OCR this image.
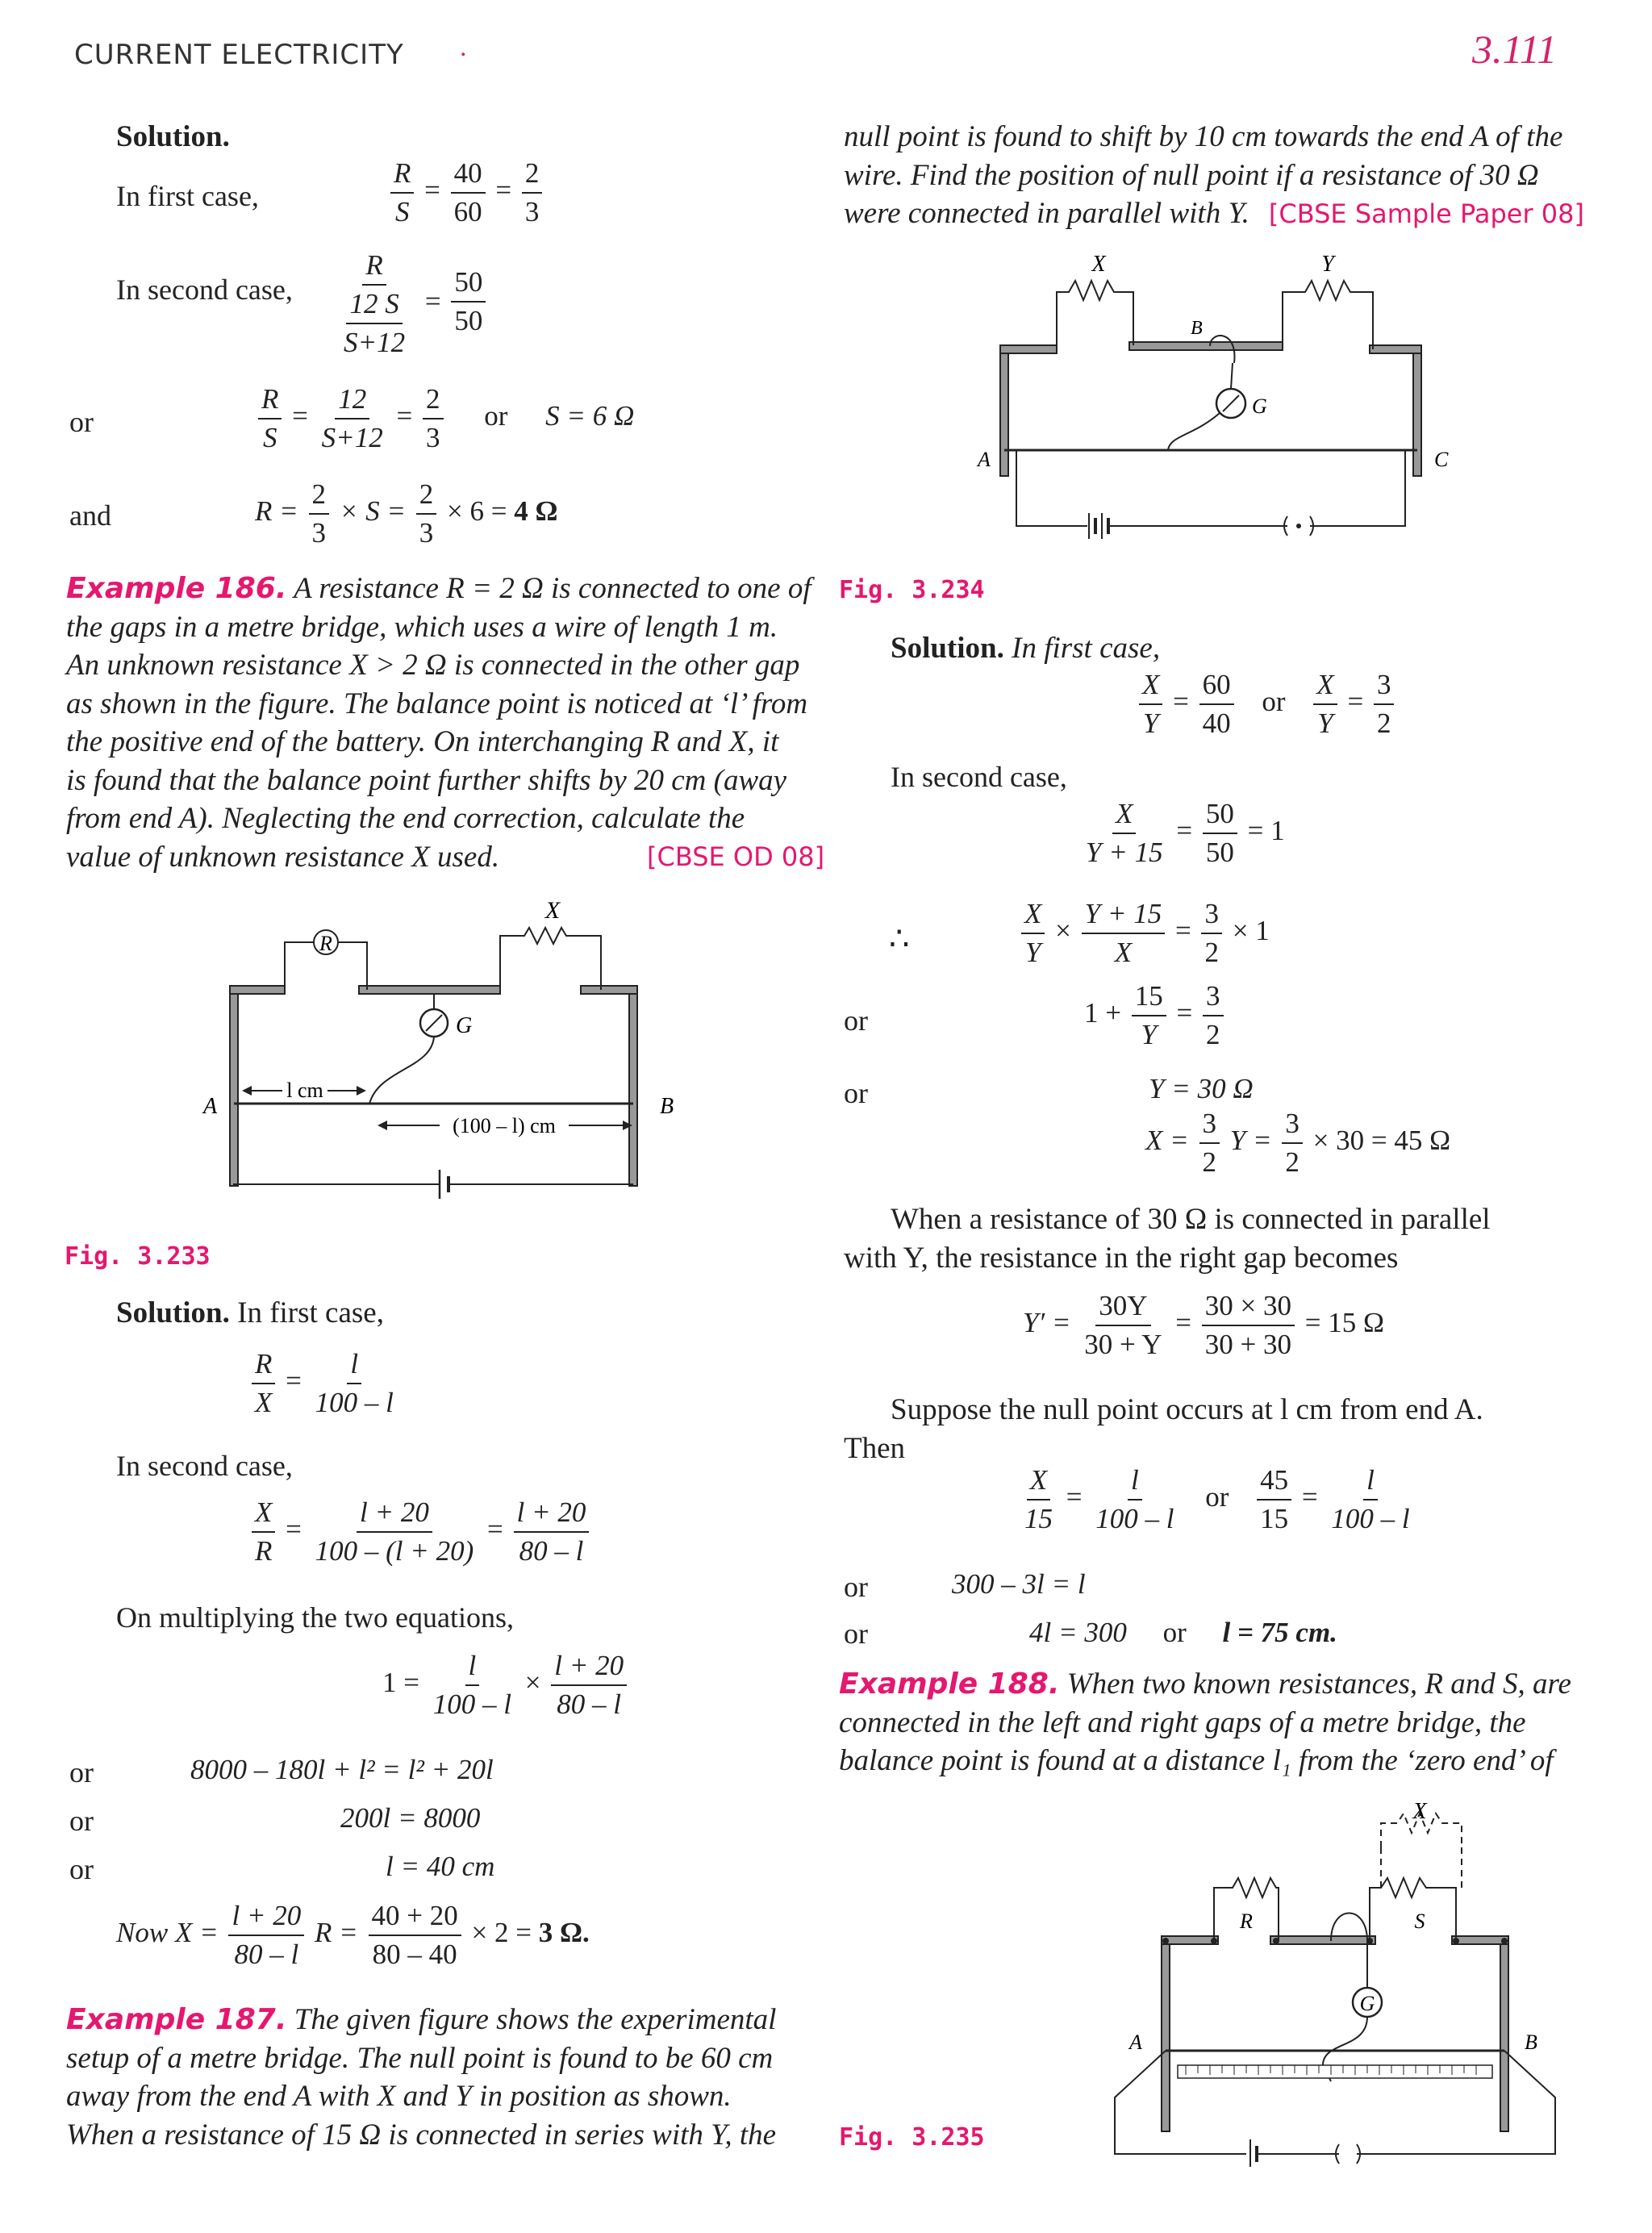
CURRENT ELECTRICITY .	3.111
Solution.
In first case,	$\frac{R}{S} = \frac{40}{60} = \frac{2}{3}$
In second case, $\frac{R}{\frac{12 S}{S+12}} = \frac{50}{50}$
or	$\frac{R}{S} = \frac{12}{S+12} = \frac{2}{3}$ or S = 6 Ω
and	$R = \frac{2}{3} \times S = \frac{2}{3} \times 6 = 4$ Ω

Example 186. A resistance R = 2 Ω is connected to one of

the gaps in a metre bridge, which uses a wire of length 1 m.

An unknown resistance X > 2 Ω is connected in the other gap

as shown in the figure. The balance point is noticed at ‘l’ from

the positive end of the battery. On interchanging R and X, it

is found that the balance point further shifts by 20 cm (away

from end A). Neglecting the end correction, calculate the

value of unknown resistance X used.	[CBSE OD 08]

R
X
G
A	B
l cm
(100 – l) cm
Fig. 3.233
Solution. In first case,
$\frac{R}{X} = \frac{l}{100 - l}$
In second case,
$\frac{X}{R} = \frac{l + 20}{100 - (l + 20)} = \frac{l + 20}{80 - l}$
On multiplying the two equations,
$1 = \frac{l}{100 - l} \times \frac{l + 20}{80 - l}$
or	8000 – 180l + l² = l² + 20l
or	200l = 8000
or	l = 40 cm
Now $X = \frac{l + 20}{80 - l}$ $R = \frac{40 + 20}{80 - 40} \times 2 = 3$ Ω.

Example 187. The given figure shows the experimental

setup of a metre bridge. The null point is found to be 60 cm

away from the end A with X and Y in position as shown.

When a resistance of 15 Ω is connected in series with Y, the

null point is found to shift by 10 cm towards the end A of the

wire. Find the position of null point if a resistance of 30 Ω

were connected in parallel with Y. [CBSE Sample Paper 08]

X	Y
B
G
A	C
Fig. 3.234
Solution. In first case,
$\frac{X}{Y} = \frac{60}{40}$ or $\frac{X}{Y} = \frac{3}{2}$
In second case,
$\frac{X}{Y + 15} = \frac{50}{50} = 1$
∴	$\frac{X}{Y} \times \frac{Y + 15}{X} = \frac{3}{2} \times 1$
or	$1 + \frac{15}{Y} = \frac{3}{2}$
or	Y = 30 Ω
$X = \frac{3}{2}$ $Y = \frac{3}{2} \times 30 = 45$ Ω

When a resistance of 30 Ω is connected in parallel

with Y, the resistance in the right gap becomes

$Y' = \frac{30Y}{30 + Y} = \frac{30 \times 30}{30 + 30} = 15$ Ω

Suppose the null point occurs at l cm from end A.

Then

$\frac{X}{15} = \frac{l}{100 - l}$ or $\frac{45}{15} = \frac{l}{100 - l}$
or	300 – 3l = l
or	4l = 300 or l = 75 cm.

Example 188. When two known resistances, R and S, are

connected in the left and right gaps of a metre bridge, the

balance point is found at a distance l₁ from the ‘zero end’ of

X
R	S
G
A	B
Fig. 3.235
